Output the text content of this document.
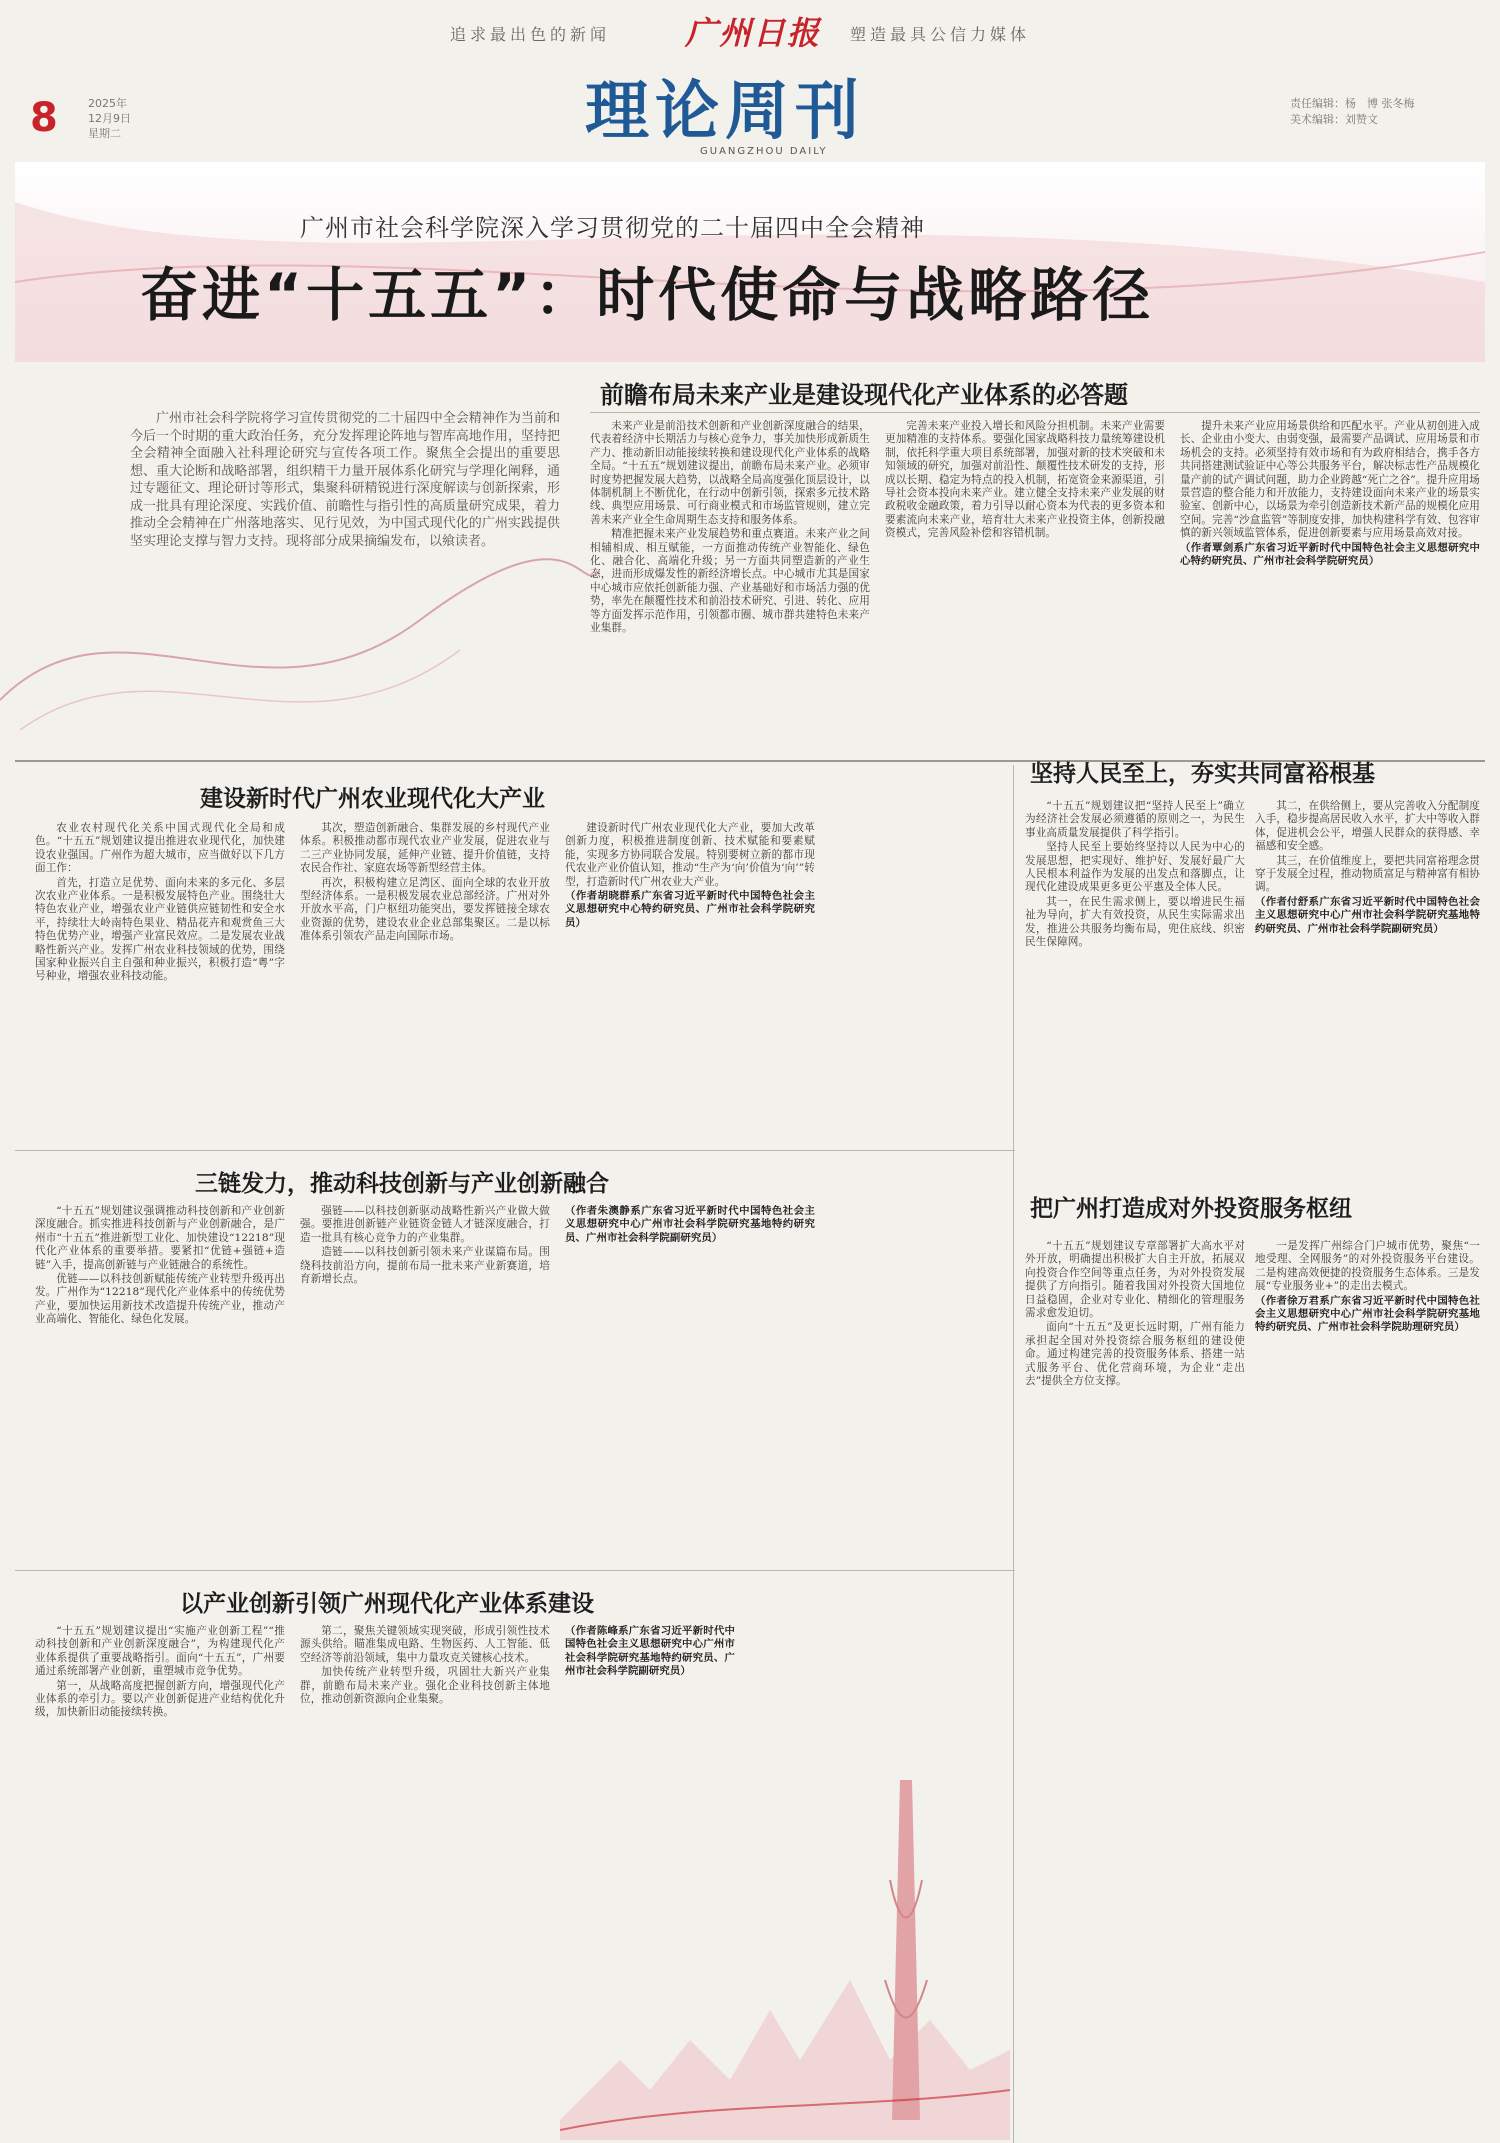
8	2025年
12月9日
星期二
追求最出色的新闻 广州日报 塑造最具公信力媒体
理论周刊
GUANGZHOU DAILY
责任编辑：杨　博 张冬梅
美术编辑：刘赞文
广州市社会科学院深入学习贯彻党的二十届四中全会精神
奋进“十五五”：时代使命与战略路径
广州市社会科学院将学习宣传贯彻党的二十届四中全会精神作为当前和今后一个时期的重大政治任务，充分发挥理论阵地与智库高地作用，坚持把全会精神全面融入社科理论研究与宣传各项工作。聚焦全会提出的重要思想、重大论断和战略部署，组织精干力量开展体系化研究与学理化阐释，通过专题征文、理论研讨等形式，集聚科研精锐进行深度解读与创新探索，形成一批具有理论深度、实践价值、前瞻性与指引性的高质量研究成果，着力推动全会精神在广州落地落实、见行见效，为中国式现代化的广州实践提供坚实理论支撑与智力支持。现将部分成果摘编发布，以飨读者。
前瞻布局未来产业是建设现代化产业体系的必答题

未来产业是前沿技术创新和产业创新深度融合的结果，代表着经济中长期活力与核心竞争力，事关加快形成新质生产力、推动新旧动能接续转换和建设现代化产业体系的战略全局。“十五五”规划建议提出，前瞻布局未来产业。必须审时度势把握发展大趋势，以战略全局高度强化顶层设计，以体制机制上不断优化，在行动中创新引领，探索多元技术路线、典型应用场景、可行商业模式和市场监管规则，建立完善未来产业全生命周期生态支持和服务体系。

精准把握未来产业发展趋势和重点赛道。未来产业之间相辅相成、相互赋能，一方面推动传统产业智能化、绿色化、融合化、高端化升级；另一方面共同塑造新的产业生态，进而形成爆发性的新经济增长点。中心城市尤其是国家中心城市应依托创新能力强、产业基础好和市场活力强的优势，率先在颠覆性技术和前沿技术研究、引进、转化、应用等方面发挥示范作用，引领都市圈、城市群共建特色未来产业集群。

完善未来产业投入增长和风险分担机制。未来产业需要更加精准的支持体系。要强化国家战略科技力量统筹建设机制，依托科学重大项目系统部署，加强对新的技术突破和未知领域的研究，加强对前沿性、颠覆性技术研发的支持，形成以长期、稳定为特点的投入机制，拓宽资金来源渠道，引导社会资本投向未来产业。建立健全支持未来产业发展的财政税收金融政策，着力引导以耐心资本为代表的更多资本和要素流向未来产业，培育壮大未来产业投资主体，创新投融资模式，完善风险补偿和容错机制。

提升未来产业应用场景供给和匹配水平。产业从初创进入成长、企业由小变大、由弱变强，最需要产品调试、应用场景和市场机会的支持。必须坚持有效市场和有为政府相结合，携手各方共同搭建测试验证中心等公共服务平台，解决标志性产品规模化量产前的试产调试问题，助力企业跨越“死亡之谷”。提升应用场景营造的整合能力和开放能力，支持建设面向未来产业的场景实验室、创新中心，以场景为牵引创造新技术新产品的规模化应用空间。完善“沙盒监管”等制度安排，加快构建科学有效、包容审慎的新兴领域监管体系，促进创新要素与应用场景高效对接。

（作者覃剑系广东省习近平新时代中国特色社会主义思想研究中心特约研究员、广州市社会科学院研究员）

建设新时代广州农业现代化大产业

农业农村现代化关系中国式现代化全局和成色。“十五五”规划建议提出推进农业现代化，加快建设农业强国。广州作为超大城市，应当做好以下几方面工作：

首先，打造立足优势、面向未来的多元化、多层次农业产业体系。一是积极发展特色产业。围绕壮大特色农业产业，增强农业产业链供应链韧性和安全水平，持续壮大岭南特色果业、精品花卉和观赏鱼三大特色优势产业，增强产业富民效应。二是发展农业战略性新兴产业。发挥广州农业科技领域的优势，围绕国家种业振兴自主自强和种业振兴，积极打造“粤”字号种业，增强农业科技动能。

其次，塑造创新融合、集群发展的乡村现代产业体系。积极推动都市现代农业产业发展，促进农业与二三产业协同发展，延伸产业链、提升价值链，支持农民合作社、家庭农场等新型经营主体。

再次，积极构建立足湾区、面向全球的农业开放型经济体系。一是积极发展农业总部经济。广州对外开放水平高，门户枢纽功能突出，要发挥链接全球农业资源的优势，建设农业企业总部集聚区。二是以标准体系引领农产品走向国际市场。

建设新时代广州农业现代化大产业，要加大改革创新力度，积极推进制度创新、技术赋能和要素赋能，实现多方协同联合发展。特别要树立新的都市现代农业产业价值认知，推动“生产为‘向’价值为‘向’”转型，打造新时代广州农业大产业。

（作者胡晓群系广东省习近平新时代中国特色社会主义思想研究中心特约研究员、广州市社会科学院研究员）

坚持人民至上，夯实共同富裕根基

“十五五”规划建议把“坚持人民至上”确立为经济社会发展必须遵循的原则之一，为民生事业高质量发展提供了科学指引。

坚持人民至上要始终坚持以人民为中心的发展思想，把实现好、维护好、发展好最广大人民根本利益作为发展的出发点和落脚点，让现代化建设成果更多更公平惠及全体人民。

其一，在民生需求侧上，要以增进民生福祉为导向，扩大有效投资，从民生实际需求出发，推进公共服务均衡布局，兜住底线、织密民生保障网。

其二，在供给侧上，要从完善收入分配制度入手，稳步提高居民收入水平，扩大中等收入群体，促进机会公平，增强人民群众的获得感、幸福感和安全感。

其三，在价值维度上，要把共同富裕理念贯穿于发展全过程，推动物质富足与精神富有相协调。

（作者付舒系广东省习近平新时代中国特色社会主义思想研究中心广州市社会科学院研究基地特约研究员、广州市社会科学院副研究员）

三链发力，推动科技创新与产业创新融合

“十五五”规划建议强调推动科技创新和产业创新深度融合。抓实推进科技创新与产业创新融合，是广州市“十五五”推进新型工业化、加快建设“12218”现代化产业体系的重要举措。要紧扣“优链+强链+造链”入手，提高创新链与产业链融合的系统性。

优链——以科技创新赋能传统产业转型升级再出发。广州作为“12218”现代化产业体系中的传统优势产业，要加快运用新技术改造提升传统产业，推动产业高端化、智能化、绿色化发展。

强链——以科技创新驱动战略性新兴产业做大做强。要推进创新链产业链资金链人才链深度融合，打造一批具有核心竞争力的产业集群。

造链——以科技创新引领未来产业谋篇布局。围绕科技前沿方向，提前布局一批未来产业新赛道，培育新增长点。

（作者朱澳静系广东省习近平新时代中国特色社会主义思想研究中心广州市社会科学院研究基地特约研究员、广州市社会科学院副研究员）

把广州打造成对外投资服务枢纽

“十五五”规划建议专章部署扩大高水平对外开放，明确提出积极扩大自主开放，拓展双向投资合作空间等重点任务，为对外投资发展提供了方向指引。随着我国对外投资大国地位日益稳固，企业对专业化、精细化的管理服务需求愈发迫切。

面向“十五五”及更长远时期，广州有能力承担起全国对外投资综合服务枢纽的建设使命。通过构建完善的投资服务体系、搭建一站式服务平台、优化营商环境，为企业“走出去”提供全方位支撑。

一是发挥广州综合门户城市优势，聚焦“一地受理、全网服务”的对外投资服务平台建设。二是构建高效便捷的投资服务生态体系。三是发展“专业服务业+”的走出去模式。

（作者徐万君系广东省习近平新时代中国特色社会主义思想研究中心广州市社会科学院研究基地特约研究员、广州市社会科学院助理研究员）

以产业创新引领广州现代化产业体系建设

“十五五”规划建议提出“实施产业创新工程”“推动科技创新和产业创新深度融合”，为构建现代化产业体系提供了重要战略指引。面向“十五五”，广州要通过系统部署产业创新，重塑城市竞争优势。

第一，从战略高度把握创新方向，增强现代化产业体系的牵引力。要以产业创新促进产业结构优化升级，加快新旧动能接续转换。

第二，聚焦关键领域实现突破，形成引领性技术源头供给。瞄准集成电路、生物医药、人工智能、低空经济等前沿领域，集中力量攻克关键核心技术。

加快传统产业转型升级，巩固壮大新兴产业集群，前瞻布局未来产业。强化企业科技创新主体地位，推动创新资源向企业集聚。

（作者陈峰系广东省习近平新时代中国特色社会主义思想研究中心广州市社会科学院研究基地特约研究员、广州市社会科学院副研究员）
